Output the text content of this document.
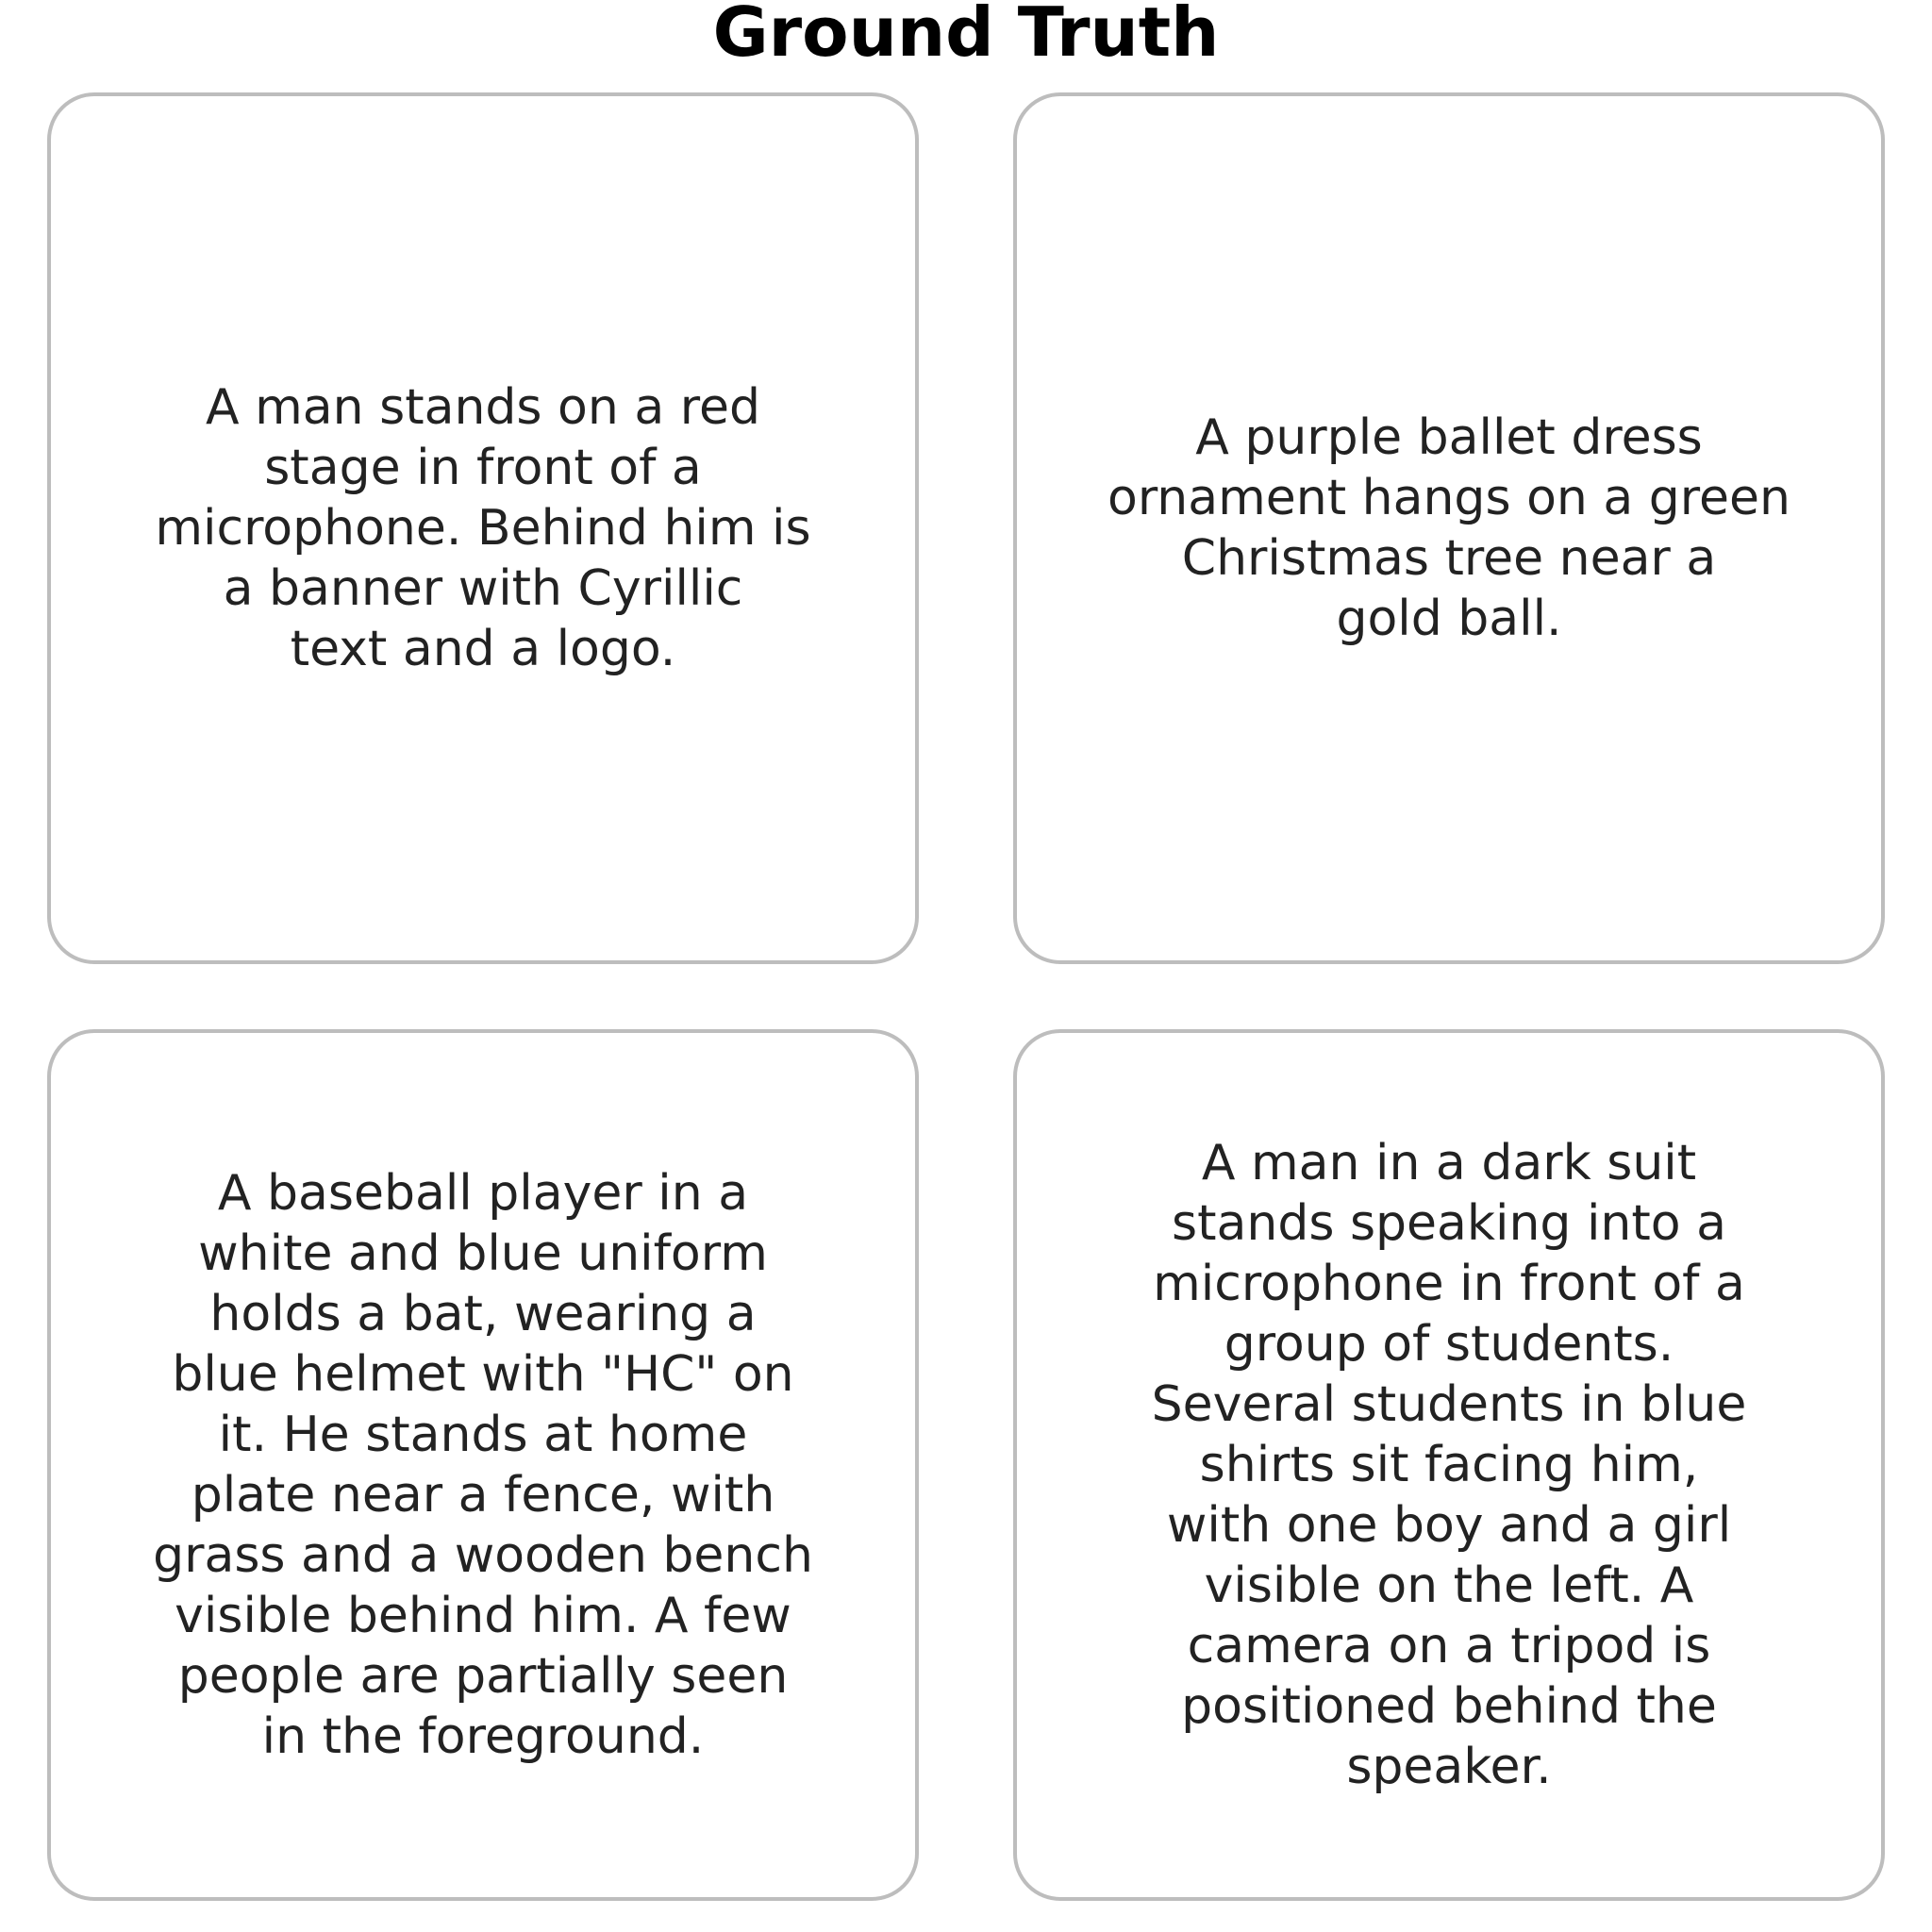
Ground Truth

A man stands on a red
stage in front of a
microphone. Behind him is
a banner with Cyrillic
text and a logo.

A purple ballet dress
ornament hangs on a green
Christmas tree near a
gold ball.

A baseball player in a
white and blue uniform
holds a bat, wearing a
blue helmet with "HC" on
it. He stands at home
plate near a fence, with
grass and a wooden bench
visible behind him. A few
people are partially seen
in the foreground.

A man in a dark suit
stands speaking into a
microphone in front of a
group of students.
Several students in blue
shirts sit facing him,
with one boy and a girl
visible on the left. A
camera on a tripod is
positioned behind the
speaker.
